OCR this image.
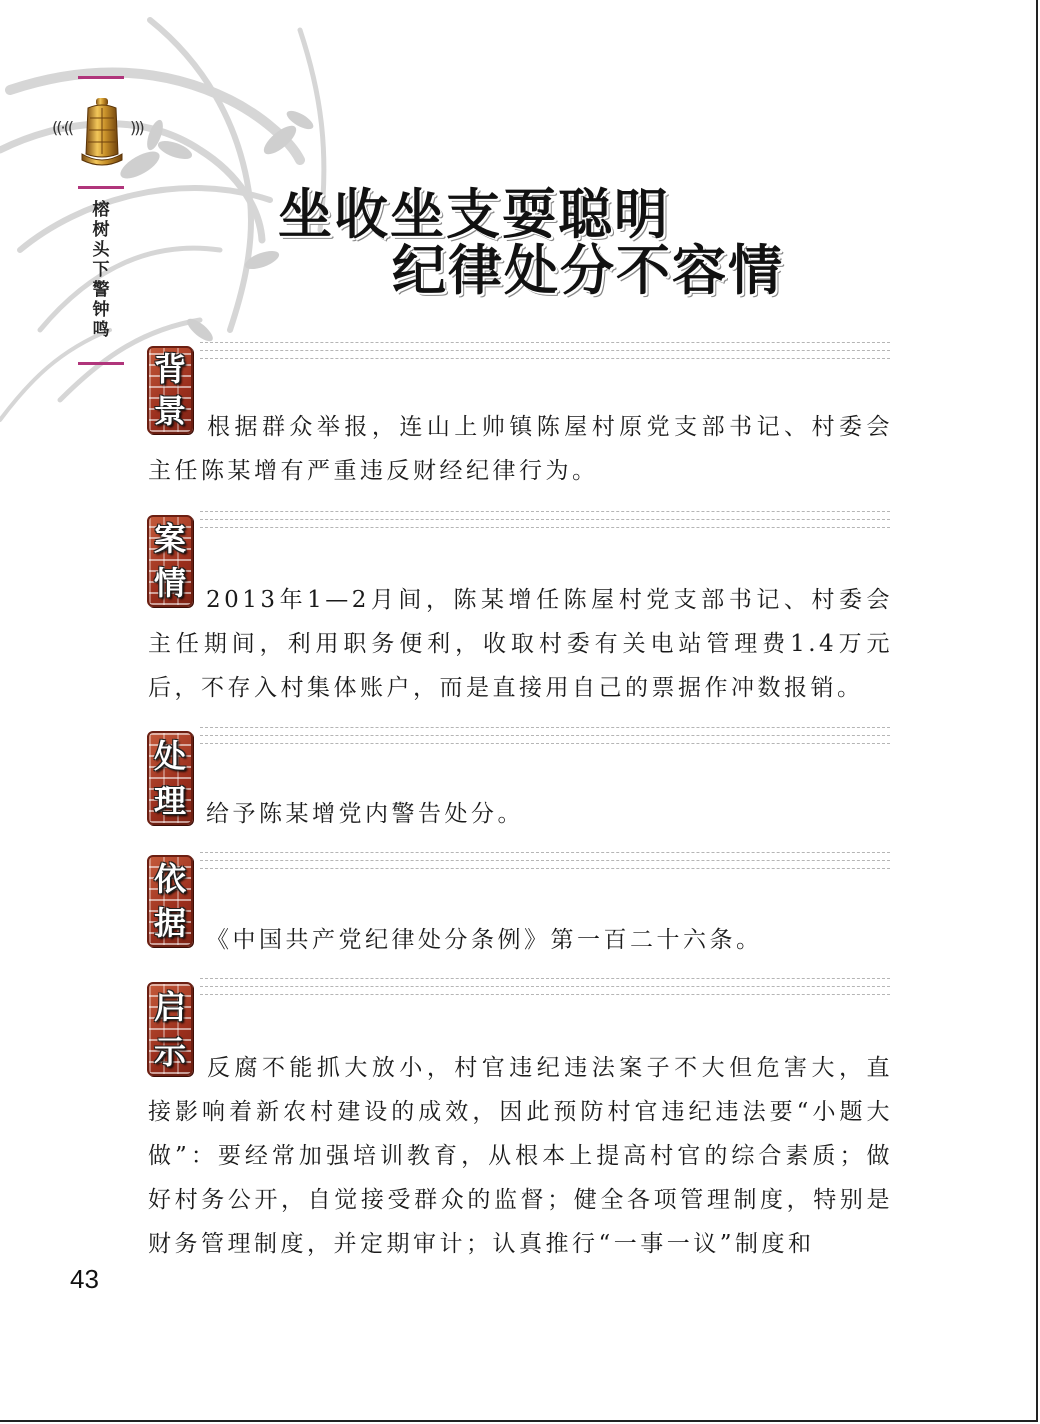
((·((	)))
榕树头下警钟鸣
坐收坐支耍聪明
纪律处分不容情
背
景 根据群众举报，连山上帅镇陈屋村原党支部书记、村委会主任陈某增有严重违反财经纪律行为。

案
情 2013年1—2月间，陈某增任陈屋村党支部书记、村委会主任期间，利用职务便利，收取村委有关电站管理费1.4万元后，不存入村集体账户，而是直接用自己的票据作冲数报销。

处
理 给予陈某增党内警告处分。

依
据 《中国共产党纪律处分条例》第一百二十六条。

启
示 反腐不能抓大放小，村官违纪违法案子不大但危害大，直接影响着新农村建设的成效，因此预防村官违纪违法要“小题大做”：要经常加强培训教育，从根本上提高村官的综合素质；做好村务公开，自觉接受群众的监督；健全各项管理制度，特别是财务管理制度，并定期审计；认真推行“一事一议”制度和

43
